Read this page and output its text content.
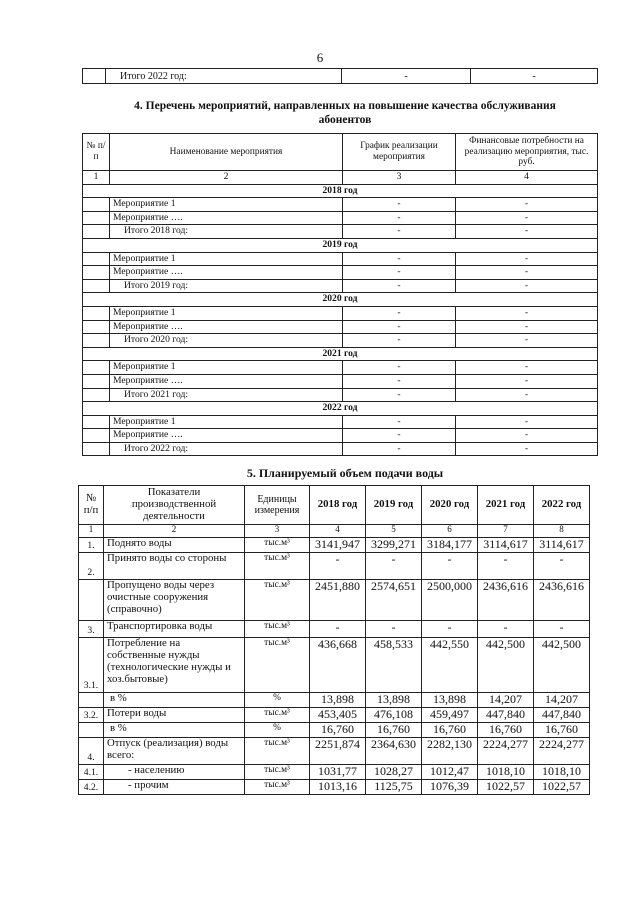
6
	Итого 2022 год:	-	-
4. Перечень мероприятий, направленных на повышение качества обслуживания
абонентов
№ п/п	Наименование мероприятия	График реализации мероприятия	Финансовые потребности на реализацию мероприятия, тыс. руб.
1	2	3	4
2018 год			
	Мероприятие 1	-	-
	Мероприятие ….	-	-
	Итого 2018 год:	-	-
2019 год			
	Мероприятие 1	-	-
	Мероприятие ….	-	-
	Итого 2019 год:	-	-
2020 год			
	Мероприятие 1	-	-
	Мероприятие ….	-	-
	Итого 2020 год:	-	-
2021 год			
	Мероприятие 1	-	-
	Мероприятие ….	-	-
	Итого 2021 год:	-	-
2022 год			
	Мероприятие 1	-	-
	Мероприятие ….	-	-
	Итого 2022 год:	-	-
5. Планируемый объем подачи воды
№ п/п	Показатели производственной деятельности	Единицы измерения	2018 год	2019 год	2020 год	2021 год	2022 год
1	2	3	4	5	6	7	8
1.	Поднято воды	тыс.м³	3141,947	3299,271	3184,177	3114,617	3114,617
2.	Принято воды со стороны	тыс.м³	-	-	-	-	-
	Пропущено воды через очистные сооружения (справочно)	тыс.м³	2451,880	2574,651	2500,000	2436,616	2436,616
3.	Транспортировка воды	тыс.м³	-	-	-	-	-
3.1.	Потребление на собственные нужды (технологические нужды и хоз.бытовые)	тыс.м³	436,668	458,533	442,550	442,500	442,500
	в %	%	13,898	13,898	13,898	14,207	14,207
3.2.	Потери воды	тыс.м³	453,405	476,108	459,497	447,840	447,840
	в %	%	16,760	16,760	16,760	16,760	16,760
4.	Отпуск (реализация) воды всего:	тыс.м³	2251,874	2364,630	2282,130	2224,277	2224,277
4.1.	- населению	тыс.м³	1031,77	1028,27	1012,47	1018,10	1018,10
4.2.	- прочим	тыс.м³	1013,16	1125,75	1076,39	1022,57	1022,57
